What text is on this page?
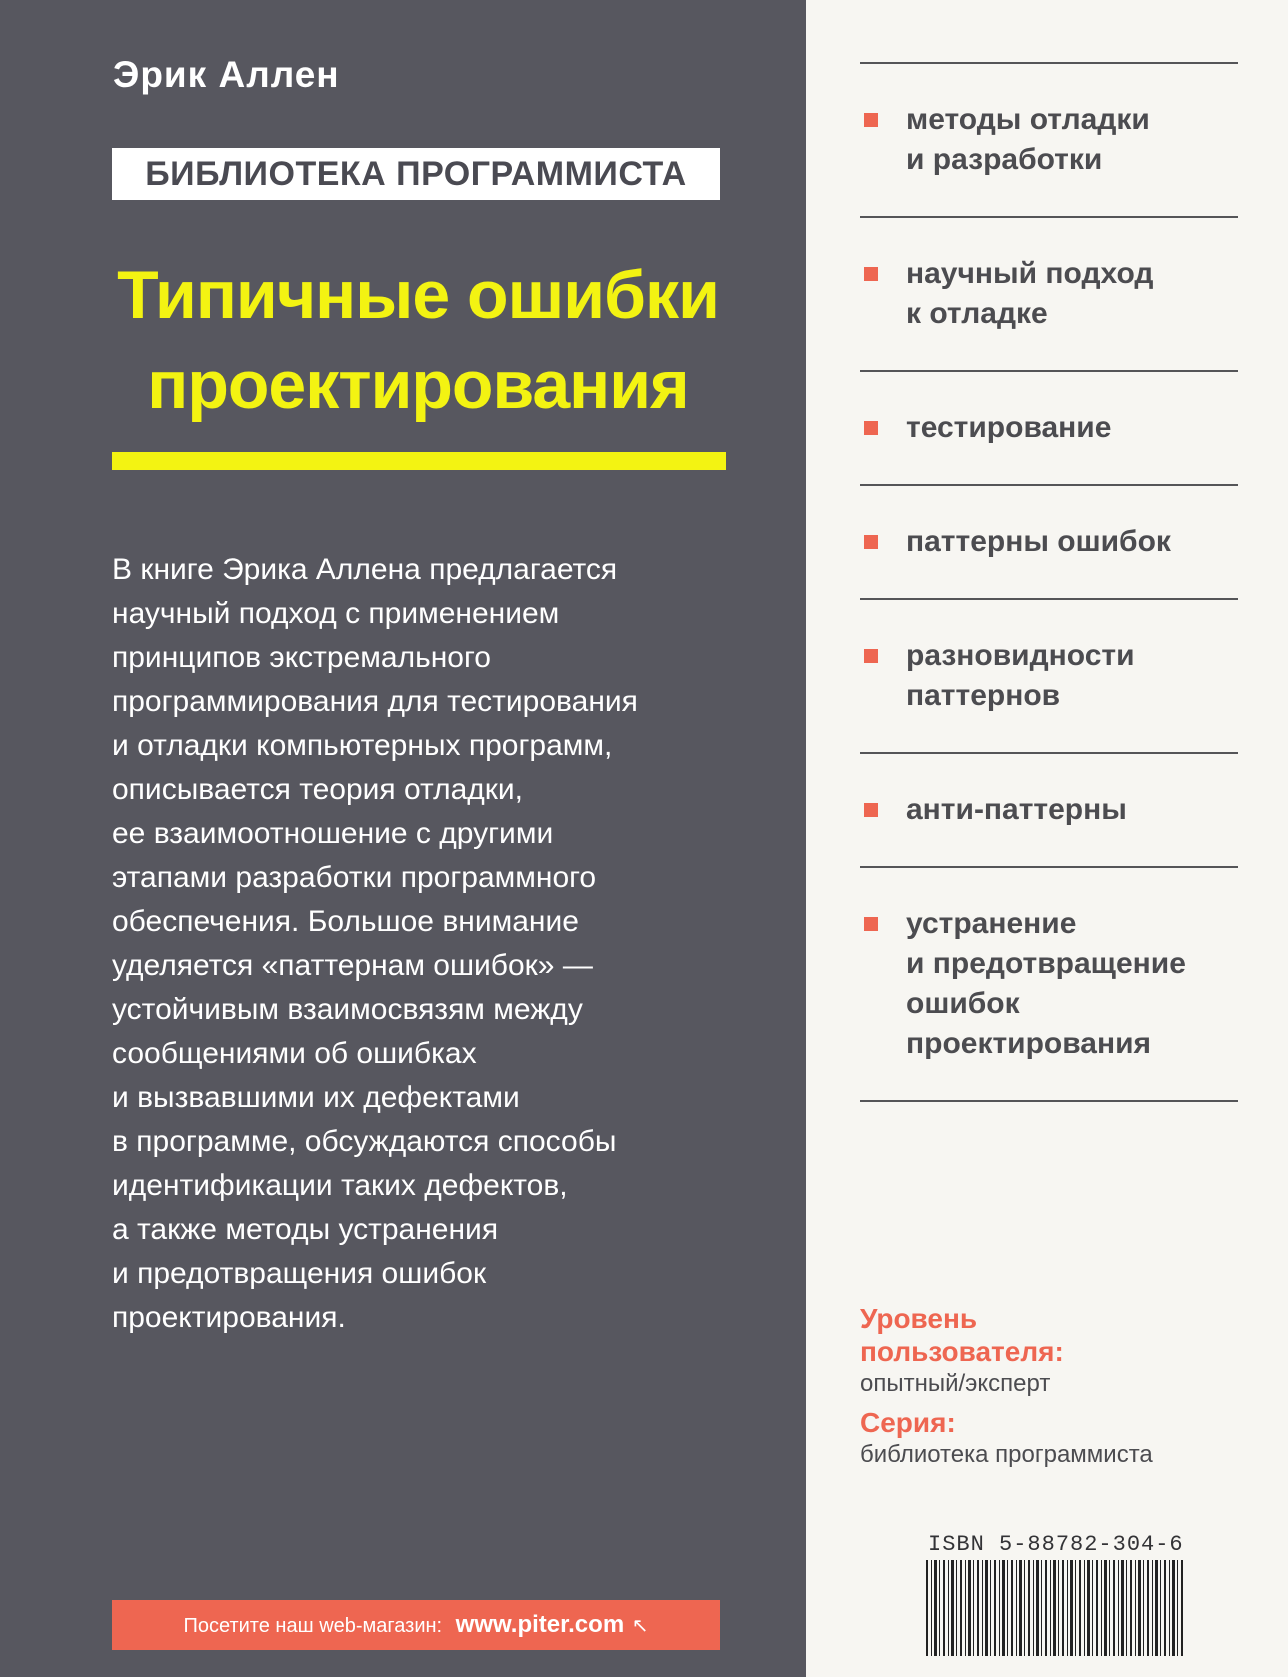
Эрик Аллен
БИБЛИОТЕКА ПРОГРАММИСТА
Типичные ошибки
проектирования
В книге Эрика Аллена предлагается
научный подход с применением
принципов экстремального
программирования для тестирования
и отладки компьютерных программ,
описывается теория отладки,
ее взаимоотношение с другими
этапами разработки программного
обеспечения. Большое внимание
уделяется «паттернам ошибок» —
устойчивым взаимосвязям между
сообщениями об ошибках
и вызвавшими их дефектами
в программе, обсуждаются способы
идентификации таких дефектов,
а также методы устранения
и предотвращения ошибок
проектирования.
Посетите наш web-магазин: www.piter.com ↖
методы отладки
и разработки
научный подход
к отладке
тестирование
паттерны ошибок
разновидности
паттернов
анти-паттерны
устранение
и предотвращение
ошибок
проектирования
Уровень
пользователя:
опытный/эксперт
Серия:
библиотека программиста
ISBN 5-88782-304-6
